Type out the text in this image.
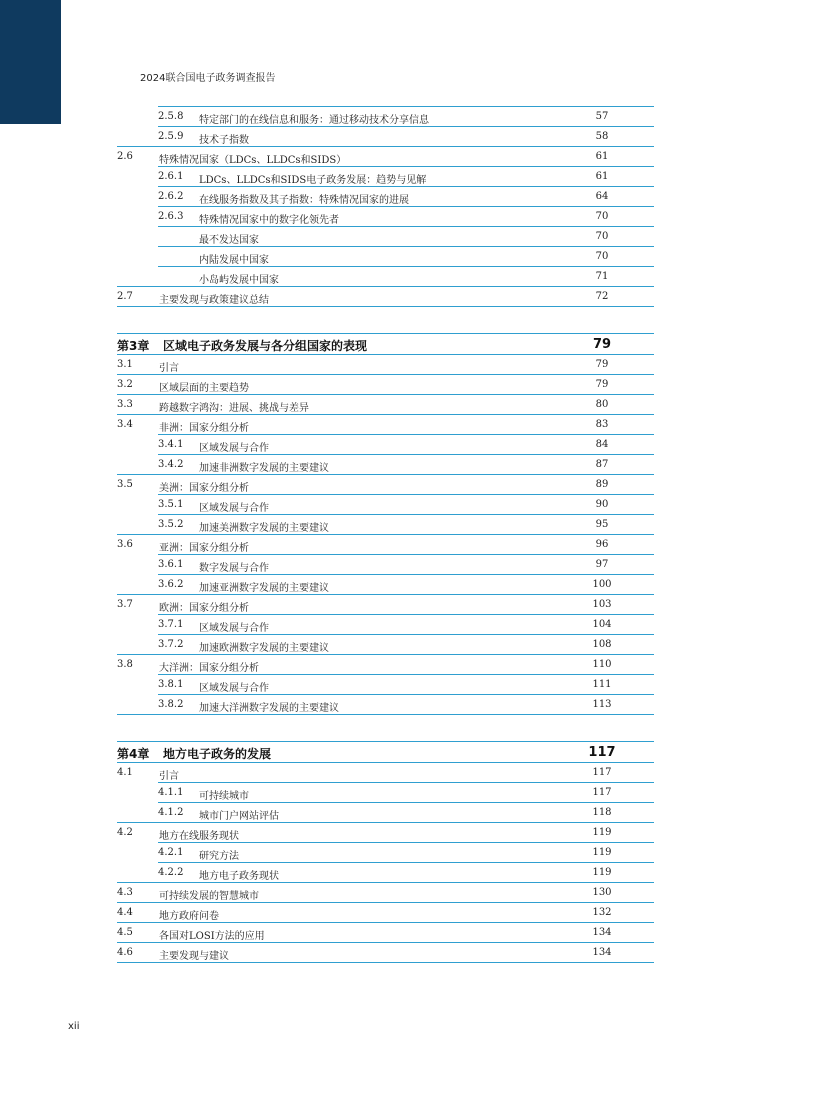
2024联合国电子政务调查报告
2.5.8 特定部门的在线信息和服务：通过移动技术分享信息	57
2.5.9 技术子指数	58
2.6	特殊情况国家（LDCs、LLDCs和SIDS）	61
2.6.1 LDCs、LLDCs和SIDS电子政务发展：趋势与见解	61
2.6.2 在线服务指数及其子指数：特殊情况国家的进展	64
2.6.3 特殊情况国家中的数字化领先者	70
最不发达国家	70
内陆发展中国家	70
小岛屿发展中国家	71
2.7	主要发现与政策建议总结	72
第3章 区域电子政务发展与各分组国家的表现	79
3.1	引言	79
3.2	区域层面的主要趋势	79
3.3	跨越数字鸿沟：进展、挑战与差异	80
3.4	非洲：国家分组分析	83
3.4.1 区域发展与合作	84
3.4.2 加速非洲数字发展的主要建议	87
3.5	美洲：国家分组分析	89
3.5.1 区域发展与合作	90
3.5.2 加速美洲数字发展的主要建议	95
3.6	亚洲：国家分组分析	96
3.6.1 数字发展与合作	97
3.6.2 加速亚洲数字发展的主要建议	100
3.7	欧洲：国家分组分析	103
3.7.1 区域发展与合作	104
3.7.2 加速欧洲数字发展的主要建议	108
3.8	大洋洲：国家分组分析	110
3.8.1 区域发展与合作	111
3.8.2 加速大洋洲数字发展的主要建议	113
第4章 地方电子政务的发展	117
4.1	引言	117
4.1.1 可持续城市	117
4.1.2 城市门户网站评估	118
4.2	地方在线服务现状	119
4.2.1 研究方法	119
4.2.2 地方电子政务现状	119
4.3	可持续发展的智慧城市	130
4.4	地方政府问卷	132
4.5	各国对LOSI方法的应用	134
4.6	主要发现与建议	134
xii
